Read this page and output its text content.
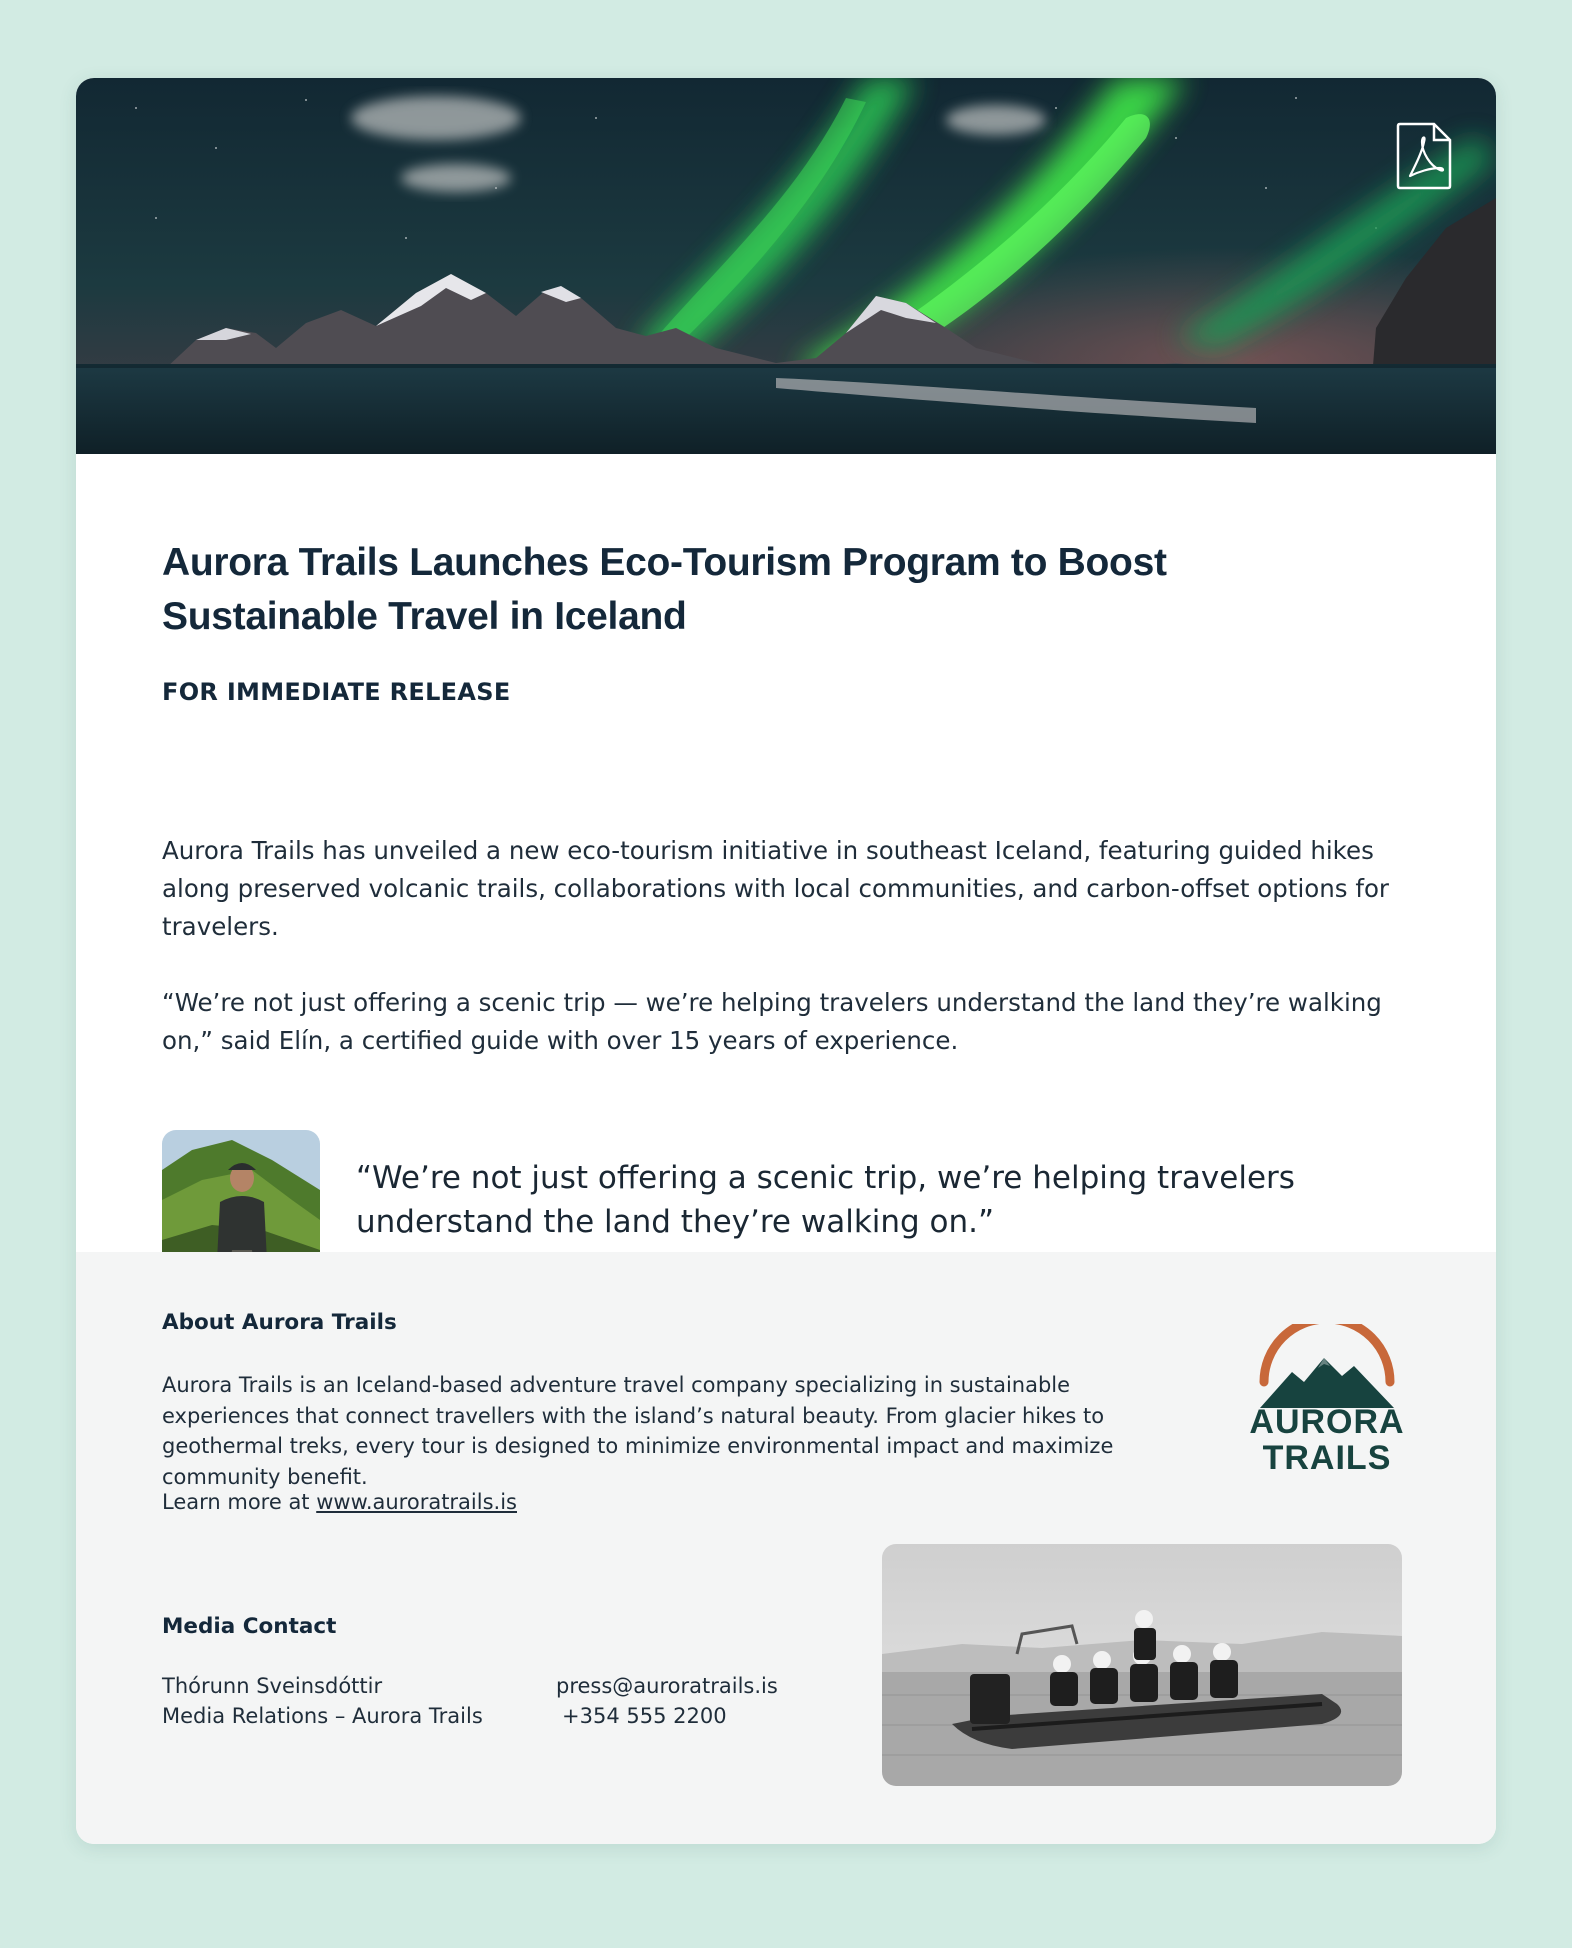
Aurora Trails Launches Eco-Tourism Program to Boost Sustainable Travel in Iceland
FOR IMMEDIATE RELEASE

Aurora Trails has unveiled a new eco-tourism initiative in southeast Iceland, featuring guided hikes along preserved volcanic trails, collaborations with local communities, and carbon-offset options for travelers.

“We’re not just offering a scenic trip — we’re helping travelers understand the land they’re walking on,” said Elín, a certified guide with over 15 years of experience.

“We’re not just offering a scenic trip, we’re helping travelers understand the land they’re walking on.”
About Aurora Trails

Aurora Trails is an Iceland-based adventure travel company specializing in sustainable experiences that connect travellers with the island’s natural beauty. From glacier hikes to geothermal treks, every tour is designed to minimize environmental impact and maximize community benefit.

Learn more at www.auroratrails.is
AURORA
TRAILS
Media Contact
Thórunn Sveinsdóttir
Media Relations – Aurora Trails
press@auroratrails.is
+354 555 2200
